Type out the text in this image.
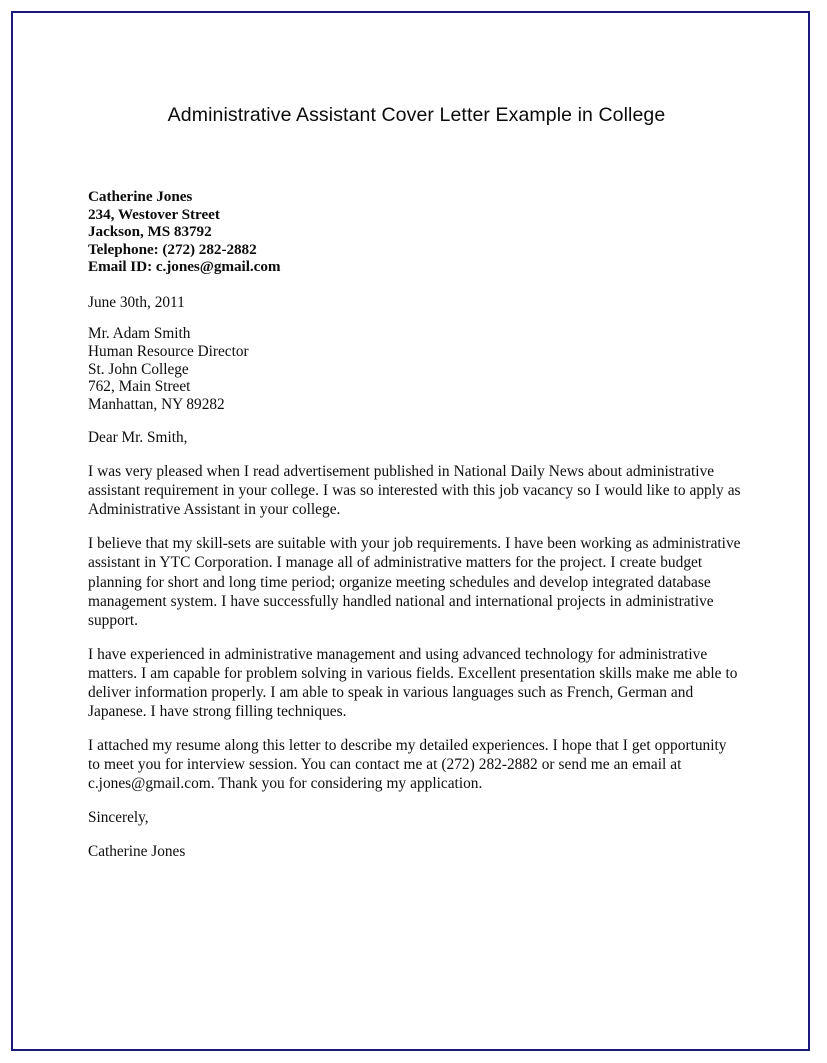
Administrative Assistant Cover Letter Example in College
Catherine Jones
234, Westover Street
Jackson, MS 83792
Telephone: (272) 282-2882
Email ID: c.jones@gmail.com
June 30th, 2011
Mr. Adam Smith
Human Resource Director
St. John College
762, Main Street
Manhattan, NY 89282
Dear Mr. Smith,
I was very pleased when I read advertisement published in National Daily News about administrative assistant requirement in your college. I was so interested with this job vacancy so I would like to apply as Administrative Assistant in your college.
I believe that my skill-sets are suitable with your job requirements. I have been working as administrative assistant in YTC Corporation. I manage all of administrative matters for the project. I create budget planning for short and long time period; organize meeting schedules and develop integrated database management system. I have successfully handled national and international projects in administrative support.
I have experienced in administrative management and using advanced technology for administrative matters. I am capable for problem solving in various fields. Excellent presentation skills make me able to deliver information properly. I am able to speak in various languages such as French, German and Japanese. I have strong filling techniques.
I attached my resume along this letter to describe my detailed experiences. I hope that I get opportunity to meet you for interview session. You can contact me at (272) 282-2882 or send me an email at c.jones@gmail.com. Thank you for considering my application.
Sincerely,
Catherine Jones
